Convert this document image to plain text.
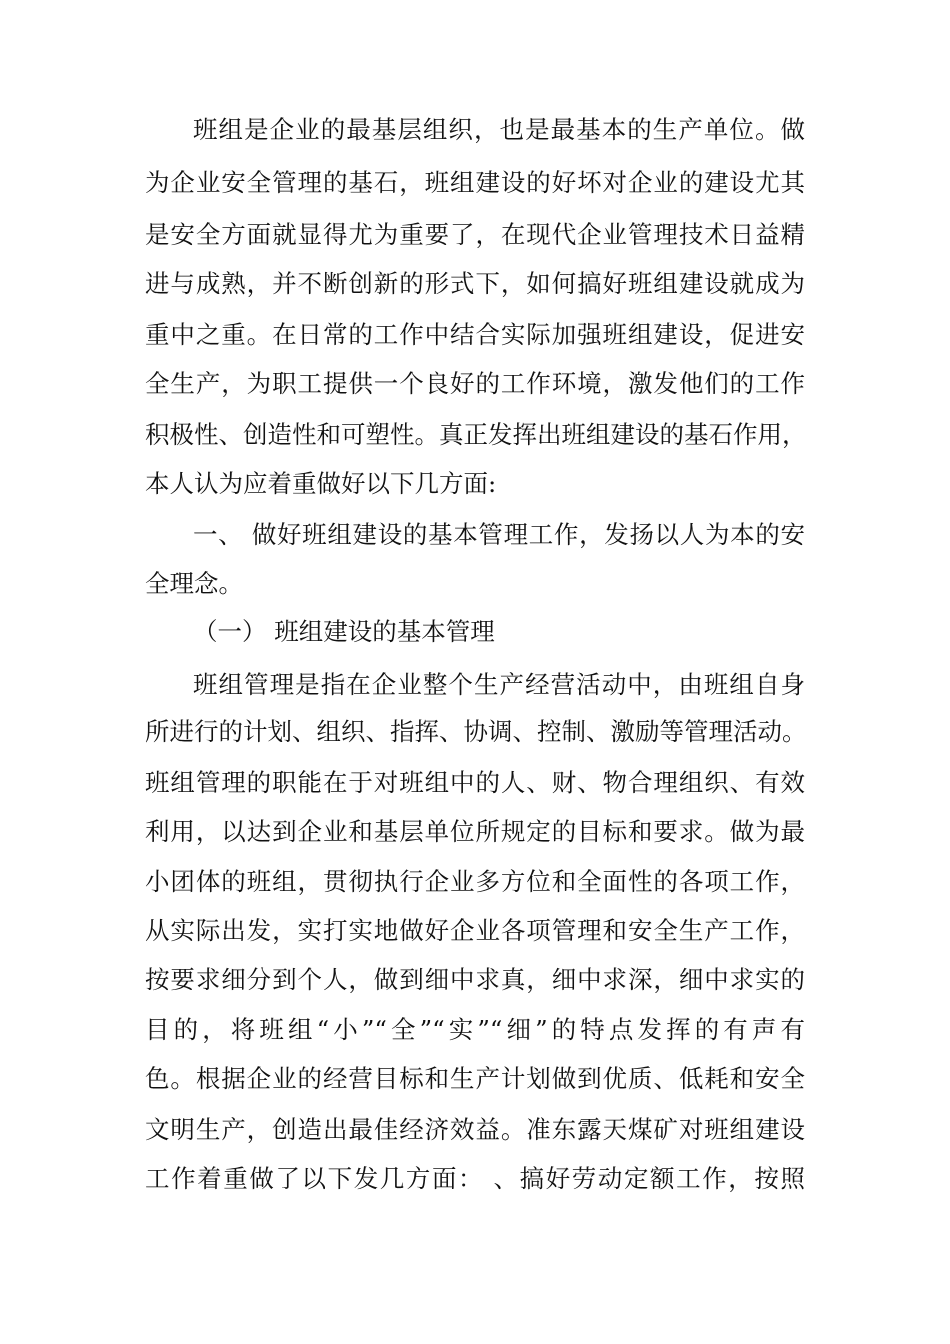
班组是企业的最基层组织，也是最基本的生产单位。做
为企业安全管理的基石，班组建设的好坏对企业的建设尤其
是安全方面就显得尤为重要了，在现代企业管理技术日益精
进与成熟，并不断创新的形式下，如何搞好班组建设就成为
重中之重。在日常的工作中结合实际加强班组建设，促进安
全生产，为职工提供一个良好的工作环境，激发他们的工作
积极性、创造性和可塑性。真正发挥出班组建设的基石作用，
本人认为应着重做好以下几方面:
一、 做好班组建设的基本管理工作，发扬以人为本的安
全理念。
（一） 班组建设的基本管理
班组管理是指在企业整个生产经营活动中，由班组自身
所进行的计划、组织、指挥、协调、控制、激励等管理活动。
班组管理的职能在于对班组中的人、财、物合理组织、有效
利用，以达到企业和基层单位所规定的目标和要求。做为最
小团体的班组，贯彻执行企业多方位和全面性的各项工作，
从实际出发，实打实地做好企业各项管理和安全生产工作，
按要求细分到个人，做到细中求真，细中求深，细中求实的
目的，将班组“小”“全”“实”“细”的特点发挥的有声有
色。根据企业的经营目标和生产计划做到优质、低耗和安全
文明生产，创造出最佳经济效益。准东露天煤矿对班组建设
工作着重做了以下发几方面： 、搞好劳动定额工作，按照
